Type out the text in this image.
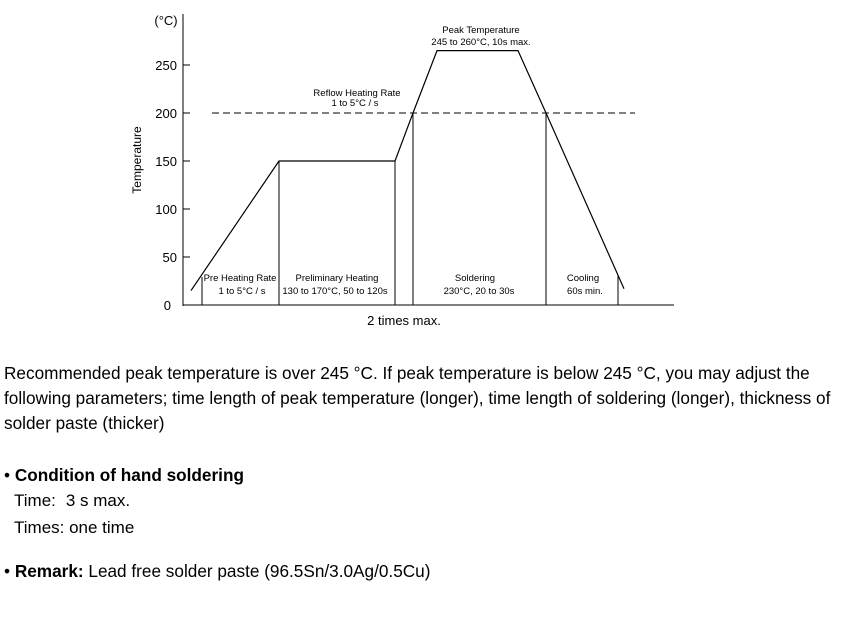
(°C)
Temperature
250
200
150
100
50
0
Peak Temperature
245 to 260°C, 10s max.
Reflow Heating Rate
1 to 5°C / s
Pre Heating Rate
1 to 5°C / s
Preliminary Heating
130 to 170°C, 50 to 120s
Soldering
230°C, 20 to 30s
Cooling
60s min.
2 times max.
Recommended peak temperature is over 245 °C. If peak temperature is below 245 °C, you may adjust the following parameters; time length of peak temperature (longer), time length of soldering (longer), thickness of solder paste (thicker)
• Condition of hand soldering
Time: 3 s max.
Times: one time
• Remark: Lead free solder paste (96.5Sn/3.0Ag/0.5Cu)
